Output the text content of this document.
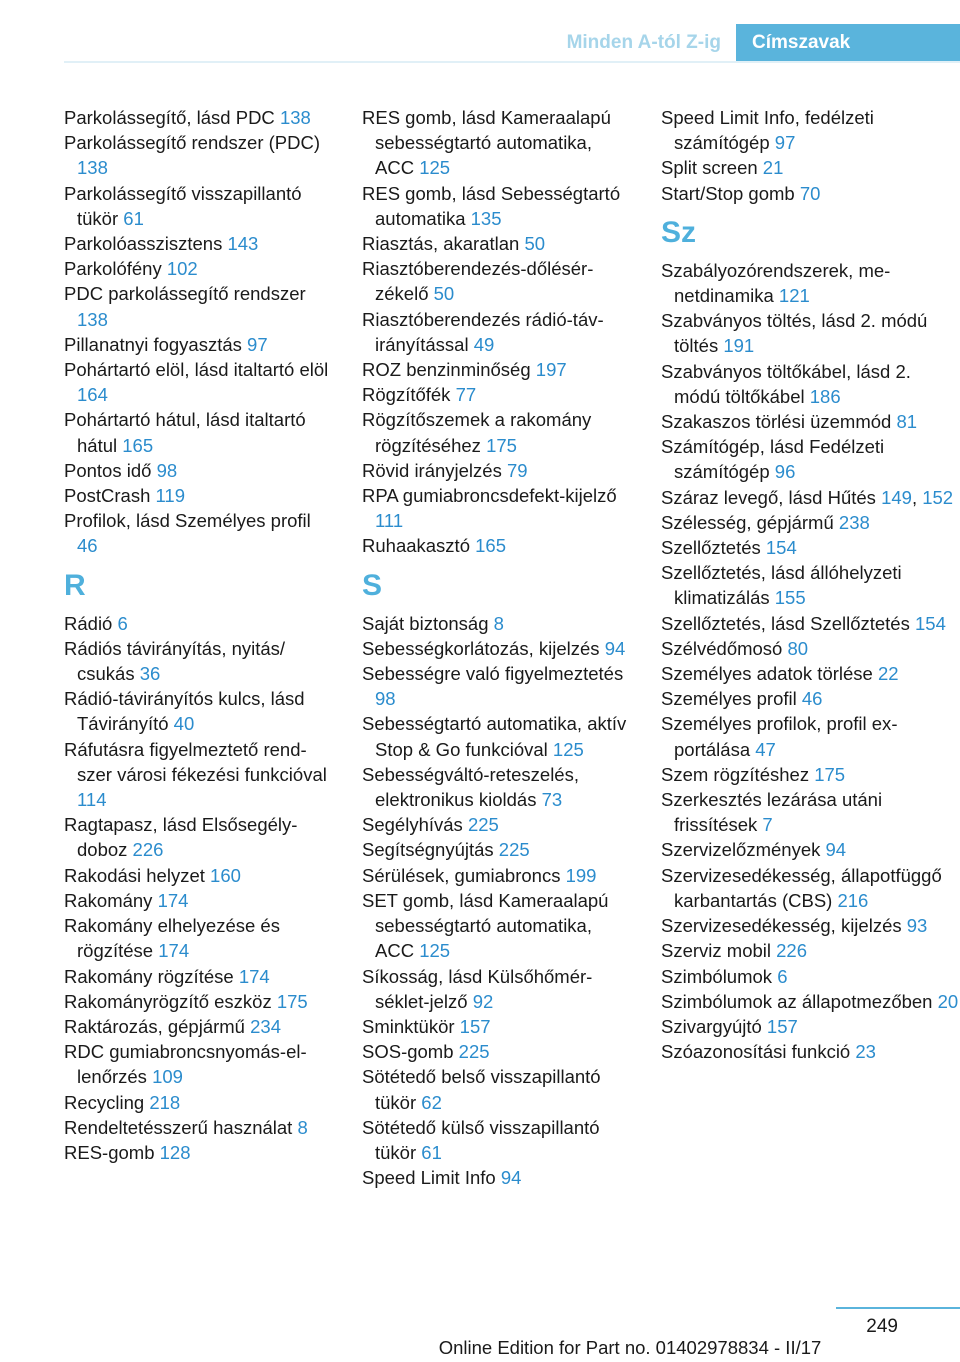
Minden A-tól Z-ig	Címszavak
Parkolássegítő, lásd PDC 138
Parkolássegítő rendszer (PDC) 138
Parkolássegítő visszapillantó tükör 61
Parkolóasszisztens 143
Parkolófény 102
PDC parkolássegítő rendszer 138
Pillanatnyi fogyasztás 97
Pohártartó elöl, lásd italtartó elöl 164
Pohártartó hátul, lásd italtartó hátul 165
Pontos idő 98
PostCrash 119
Profilok, lásd Személyes profil 46
R
Rádió 6
Rádiós távirányítás, nyitás/ csukás 36
Rádió-távirányítós kulcs, lásd Távirányító 40
Ráfutásra figyelmeztető rendszer városi fékezési funkcióval 114
Ragtapasz, lásd Elsősegélydoboz 226
Rakodási helyzet 160
Rakomány 174
Rakomány elhelyezése és rögzítése 174
Rakomány rögzítése 174
Rakományrögzítő eszköz 175
Raktározás, gépjármű 234
RDC gumiabroncsnyomás-ellenőrzés 109
Recycling 218
Rendeltetésszerű használat 8
RES-gomb 128
RES gomb, lásd Kameraalapú sebességtartó automatika, ACC 125
RES gomb, lásd Sebességtartó automatika 135
Riasztás, akaratlan 50
Riasztóberendezés-dőlésérzékelő 50
Riasztóberendezés rádió-távirányítással 49
ROZ benzinminőség 197
Rögzítőfék 77
Rögzítőszemek a rakomány rögzítéséhez 175
Rövid irányjelzés 79
RPA gumiabroncsdefekt-kijelző 111
Ruhaakasztó 165
S
Saját biztonság 8
Sebességkorlátozás, kijelzés 94
Sebességre való figyelmeztetés 98
Sebességtartó automatika, aktív Stop & Go funkcióval 125
Sebességváltó-reteszelés, elektronikus kioldás 73
Segélyhívás 225
Segítségnyújtás 225
Sérülések, gumiabroncs 199
SET gomb, lásd Kameraalapú sebességtartó automatika, ACC 125
Síkosság, lásd Külsőhőmérséklet-jelző 92
Sminktükör 157
SOS-gomb 225
Sötétedő belső visszapillantó tükör 62
Sötétedő külső visszapillantó tükör 61
Speed Limit Info 94
Speed Limit Info, fedélzeti számítógép 97
Split screen 21
Start/Stop gomb 70
Sz
Szabályozórendszerek, menetdinamika 121
Szabványos töltés, lásd 2. módú töltés 191
Szabványos töltőkábel, lásd 2. módú töltőkábel 186
Szakaszos törlési üzemmód 81
Számítógép, lásd Fedélzeti számítógép 96
Száraz levegő, lásd Hűtés 149, 152
Szélesség, gépjármű 238
Szellőztetés 154
Szellőztetés, lásd állóhelyzeti klimatizálás 155
Szellőztetés, lásd Szellőztetés 154
Szélvédőmosó 80
Személyes adatok törlése 22
Személyes profil 46
Személyes profilok, profil exportálása 47
Szem rögzítéshez 175
Szerkesztés lezárása utáni frissítések 7
Szervizelőzmények 94
Szervizesedékesség, állapotfüggő karbantartás (CBS) 216
Szervizesedékesség, kijelzés 93
Szerviz mobil 226
Szimbólumok 6
Szimbólumok az állapotmezőben 20
Szivargyújtó 157
Szóazonosítási funkció 23
249
Online Edition for Part no. 01402978834 - II/17
